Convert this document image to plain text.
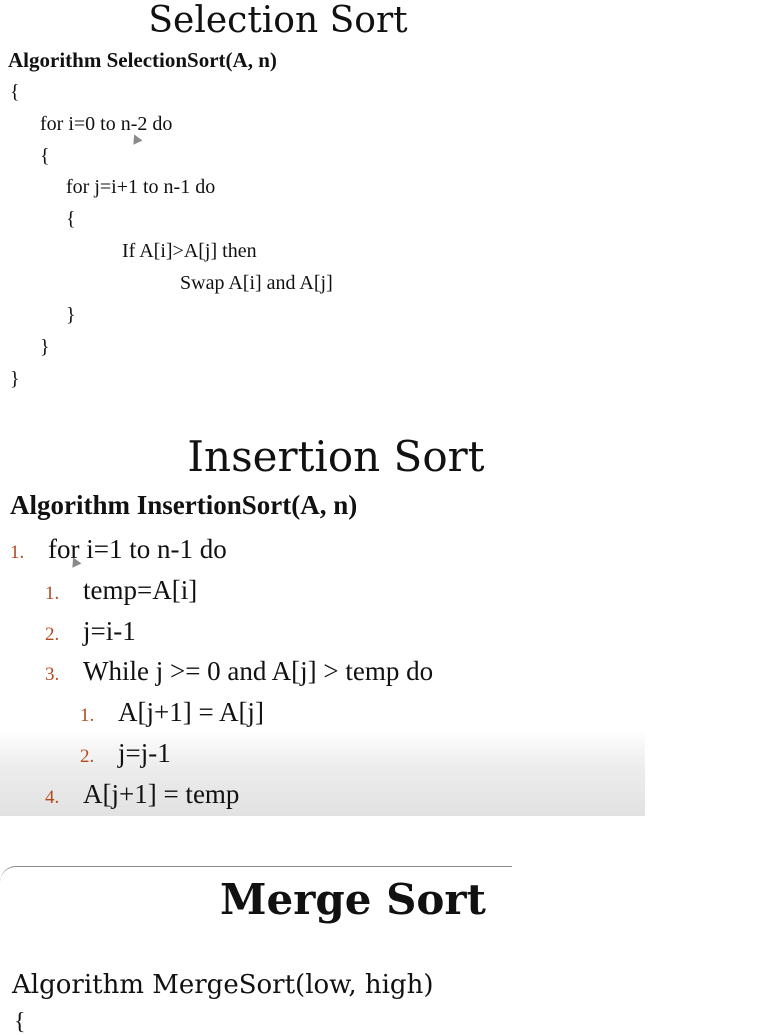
Selection Sort
Algorithm SelectionSort(A, n)
{
for i=0 to n-2 do
{
for j=i+1 to n-1 do
{
If A[i]>A[j] then
Swap A[i] and A[j]
}
}
}
Insertion Sort
Algorithm InsertionSort(A, n)
1. for i=1 to n-1 do
1. temp=A[i]
2. j=i-1
3. While j >= 0 and A[j] > temp do
1. A[j+1] = A[j]
2. j=j-1
4. A[j+1] = temp
Merge Sort
Algorithm MergeSort(low, high)
{
